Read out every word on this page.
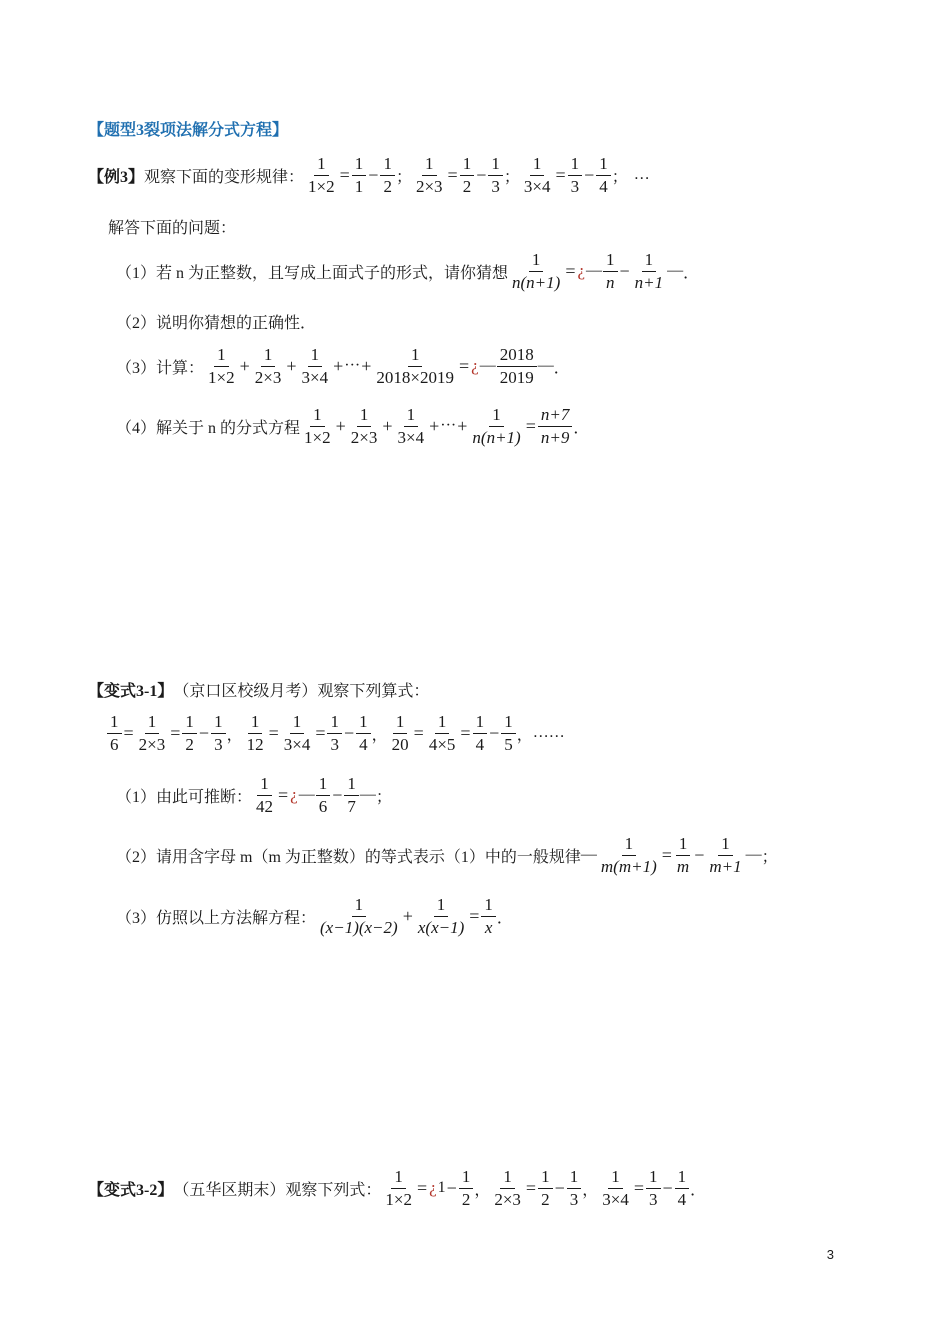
【题型3裂项法解分式方程】
【例3】 观察下面的变形规律： $\frac{1}{1\times 2} = \frac{1}{1} - \frac{1}{2}$ ； $\frac{1}{2\times 3} = \frac{1}{2} - \frac{1}{3}$ ； $\frac{1}{3\times 4} = \frac{1}{3} - \frac{1}{4}$ ； …
解答下面的问题：
（1）若 n 为正整数，且写成上面式子的形式，请你猜想 $\frac{1}{n(n+1)}$ = ¿ — $\frac{1}{n} - \frac{1}{n+1}$ — ．
（2）说明你猜想的正确性．
（3）计算： $\frac{1}{1\times 2} + \frac{1}{2\times 3} + \frac{1}{3\times 4}$ + ··· + $\frac{1}{2018\times 2019}$ = ¿ — $\frac{2018}{2019}$ — ．
（4）解关于 n 的分式方程 $\frac{1}{1\times 2} + \frac{1}{2\times 3} + \frac{1}{3\times 4}$ + ··· + $\frac{1}{n(n+1)} = \frac{n+7}{n+9}$ ．
【变式3-1】 （京口区校级月考）观察下列算式：
$\frac{1}{6} = \frac{1}{2\times 3} = \frac{1}{2} - \frac{1}{3}$ ， $\frac{1}{12} = \frac{1}{3\times 4} = \frac{1}{3} - \frac{1}{4}$ ， $\frac{1}{20} = \frac{1}{4\times 5} = \frac{1}{4} - \frac{1}{5}$ ， ……
（1）由此可推断： $\frac{1}{42}$ = ¿ — $\frac{1}{6} - \frac{1}{7}$ — ；
（2）请用含字母 m（m 为正整数）的等式表示（1）中的一般规律 — $\frac{1}{m(m+1)} = \frac{1}{m} - \frac{1}{m+1}$ — ；
（3）仿照以上方法解方程： $\frac{1}{(x-1)(x-2)} + \frac{1}{x(x-1)} = \frac{1}{x}$ ．
【变式3-2】 （五华区期末）观察下列式： $\frac{1}{1\times 2}$ = ¿ $1 - \frac{1}{2}$ ， $\frac{1}{2\times 3} = \frac{1}{2} - \frac{1}{3}$ ， $\frac{1}{3\times 4} = \frac{1}{3} - \frac{1}{4}$ ．
3
